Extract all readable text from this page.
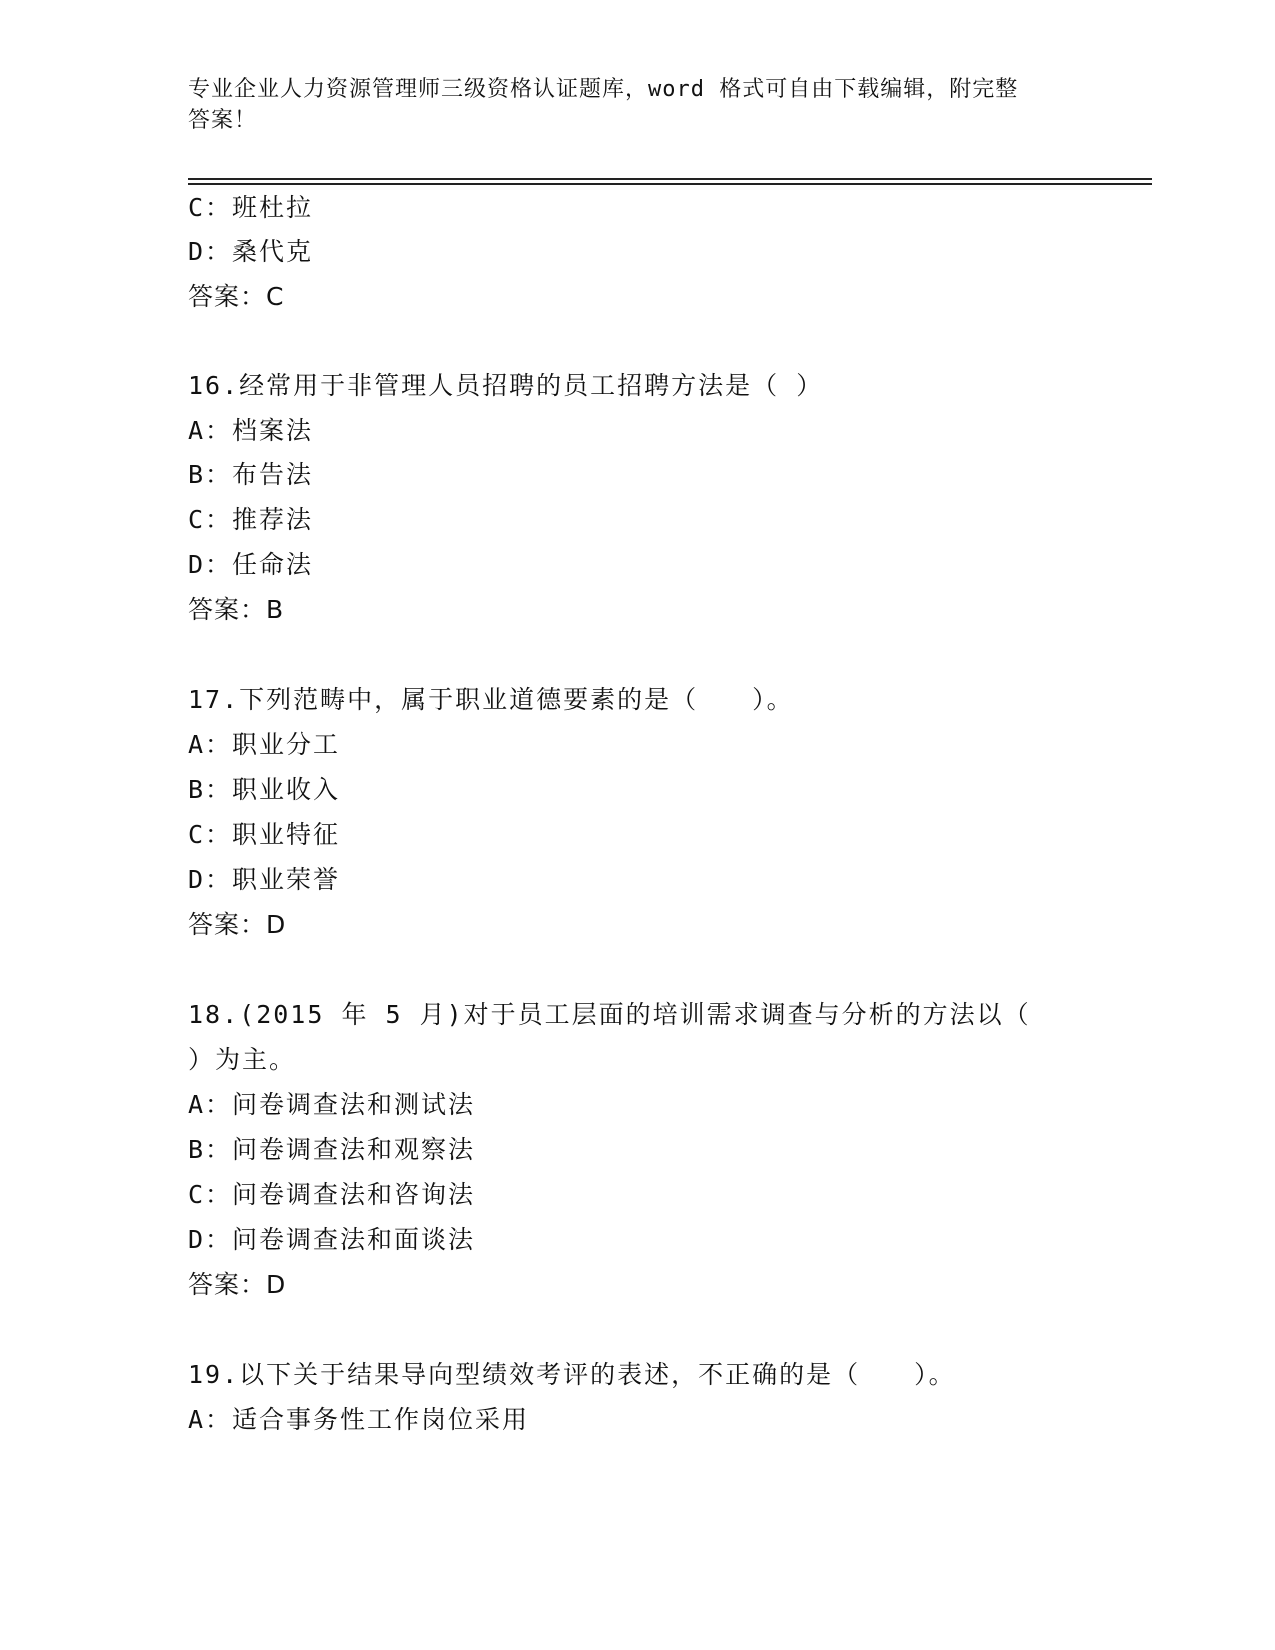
专业企业人力资源管理师三级资格认证题库，word 格式可自由下载编辑，附完整
答案！
C：班杜拉
D：桑代克
答案：C
16.经常用于非管理人员招聘的员工招聘方法是（ ）
A：档案法
B：布告法
C：推荐法
D：任命法
答案：B
17.下列范畴中，属于职业道德要素的是（　　）。
A：职业分工
B：职业收入
C：职业特征
D：职业荣誉
答案：D
18.(2015 年 5 月)对于员工层面的培训需求调查与分析的方法以（
）为主。
A：问卷调查法和测试法
B：问卷调查法和观察法
C：问卷调查法和咨询法
D：问卷调查法和面谈法
答案：D
19.以下关于结果导向型绩效考评的表述，不正确的是（　　）。
A：适合事务性工作岗位采用
